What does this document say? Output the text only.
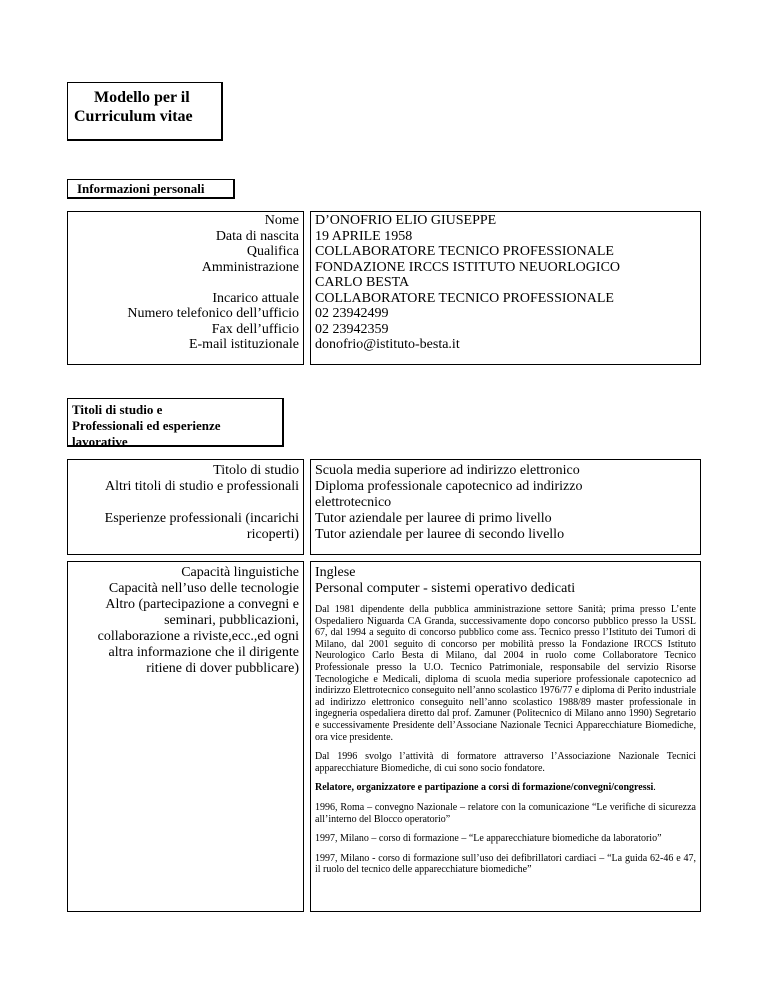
Modello per il
Curriculum vitae
Informazioni personali
Nome
Data di nascita
Qualifica
Amministrazione

Incarico attuale
Numero telefonico dell’ufficio
Fax dell’ufficio
E-mail istituzionale
D’ONOFRIO ELIO GIUSEPPE
19 APRILE 1958
COLLABORATORE TECNICO PROFESSIONALE
FONDAZIONE IRCCS ISTITUTO NEUORLOGICO
CARLO BESTA
COLLABORATORE TECNICO PROFESSIONALE
02 23942499
02 23942359
donofrio@istituto-besta.it
Titoli di studio e
Professionali ed esperienze
lavorative
Titolo di studio
Altri titoli di studio e professionali

Esperienze professionali (incarichi
ricoperti)
Scuola media superiore ad indirizzo elettronico
Diploma professionale capotecnico ad indirizzo
elettrotecnico
Tutor aziendale per lauree di primo livello
Tutor aziendale per lauree di secondo livello
Capacità linguistiche
Capacità nell’uso delle tecnologie
Altro (partecipazione a convegni e
seminari, pubblicazioni,
collaborazione a riviste,ecc.,ed ogni
altra informazione che il dirigente
ritiene di dover pubblicare)
Inglese
Personal computer - sistemi operativo dedicati

Dal 1981 dipendente della pubblica amministrazione settore Sanità; prima presso L’ente Ospedaliero Niguarda CA Granda, successivamente dopo concorso pubblico presso la USSL 67, dal 1994 a seguito di concorso pubblico come ass. Tecnico presso l’Istituto dei Tumori di Milano, dal 2001 seguito di concorso per mobilità presso la Fondazione IRCCS Istituto Neurologico Carlo Besta di Milano, dal 2004 in ruolo come Collaboratore Tecnico Professionale presso la U.O. Tecnico Patrimoniale, responsabile del servizio Risorse Tecnologiche e Medicali, diploma di scuola media superiore professionale capotecnico ad indirizzo Elettrotecnico conseguito nell’anno scolastico 1976/77 e diploma di Perito industriale ad indirizzo elettronico conseguito nell’anno scolastico 1988/89 master professionale in ingegneria ospedaliera diretto dal prof. Zamuner (Politecnico di Milano anno 1990) Segretario e successivamente Presidente dell’Associane Nazionale Tecnici Apparecchiature Biomediche, ora vice presidente.

Dal 1996 svolgo l’attività di formatore attraverso l’Associazione Nazionale Tecnici apparecchiature Biomediche, di cui sono socio fondatore.

Relatore, organizzatore e partipazione a corsi di formazione/convegni/congressi.

1996, Roma – convegno Nazionale – relatore con la comunicazione “Le verifiche di sicurezza all’interno del Blocco operatorio”

1997, Milano – corso di formazione – “Le apparecchiature biomediche da laboratorio”

1997, Milano - corso di formazione sull’uso dei defibrillatori cardiaci – “La guida 62-46 e 47, il ruolo del tecnico delle apparecchiature biomediche”
